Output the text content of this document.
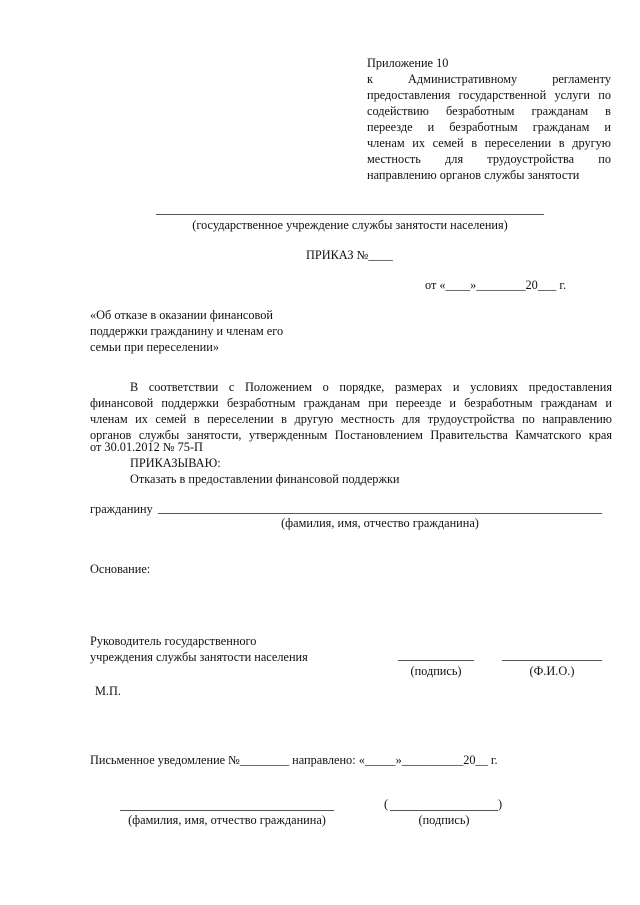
Приложение 10
к Административному регламенту
предоставления государственной услуги по
содействию безработным гражданам в
переезде и безработным гражданам и
членам их семей в переселении в другую
местность для трудоустройства по
направлению органов службы занятости
(государственное учреждение службы занятости населения)
ПРИКАЗ №____
от «____»________20___ г.
«Об отказе в оказании финансовой
поддержки гражданину и членам его
семьи при переселении»
В соответствии с Положением о порядке, размерах и условиях предоставления
финансовой поддержки безработным гражданам при переезде и безработным гражданам и
членам их семей в переселении в другую местность для трудоустройства по направлению
органов службы занятости, утвержденным Постановлением Правительства Камчатского края
от 30.01.2012 № 75-П
ПРИКАЗЫВАЮ:
Отказать в предоставлении финансовой поддержки
гражданину
(фамилия, имя, отчество гражданина)
Основание:
Руководитель государственного
учреждения службы занятости населения
(подпись)	(Ф.И.О.)
М.П.
Письменное уведомление №________ направлено: «_____»__________20__ г.
(фамилия, имя, отчество гражданина)
(	)
(подпись)
